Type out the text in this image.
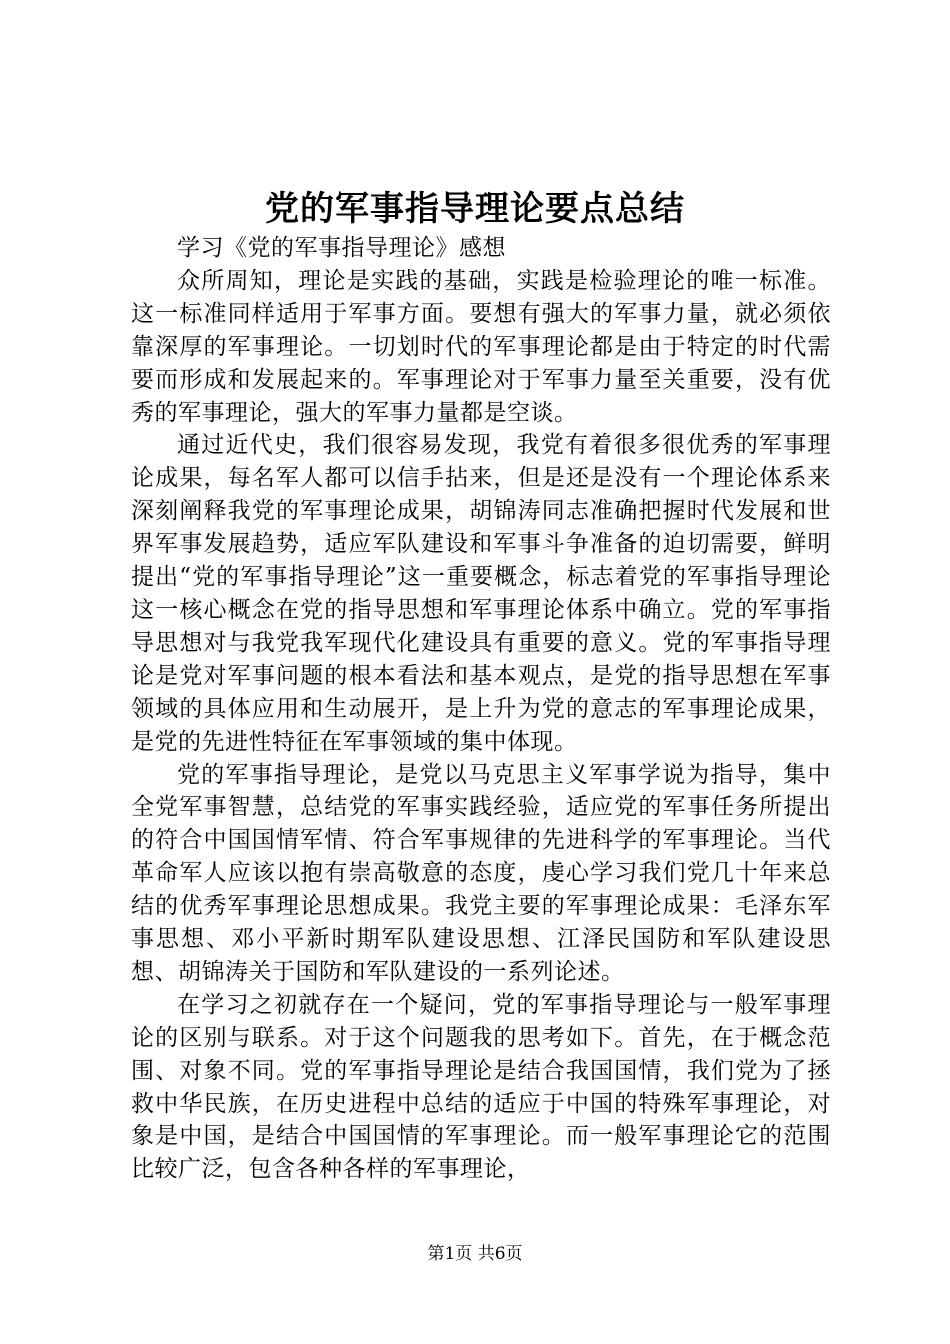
党的军事指导理论要点总结

学习《党的军事指导理论》感想

众所周知，理论是实践的基础，实践是检验理论的唯一标准。这一标准同样适用于军事方面。要想有强大的军事力量，就必须依靠深厚的军事理论。一切划时代的军事理论都是由于特定的时代需要而形成和发展起来的。军事理论对于军事力量至关重要，没有优秀的军事理论，强大的军事力量都是空谈。

通过近代史，我们很容易发现，我党有着很多很优秀的军事理论成果，每名军人都可以信手拈来，但是还是没有一个理论体系来深刻阐释我党的军事理论成果，胡锦涛同志准确把握时代发展和世界军事发展趋势，适应军队建设和军事斗争准备的迫切需要，鲜明提出“党的军事指导理论”这一重要概念，标志着党的军事指导理论这一核心概念在党的指导思想和军事理论体系中确立。党的军事指导思想对与我党我军现代化建设具有重要的意义。党的军事指导理论是党对军事问题的根本看法和基本观点，是党的指导思想在军事领域的具体应用和生动展开，是上升为党的意志的军事理论成果，是党的先进性特征在军事领域的集中体现。

党的军事指导理论，是党以马克思主义军事学说为指导，集中全党军事智慧，总结党的军事实践经验，适应党的军事任务所提出的符合中国国情军情、符合军事规律的先进科学的军事理论。当代革命军人应该以抱有崇高敬意的态度，虔心学习我们党几十年来总结的优秀军事理论思想成果。我党主要的军事理论成果：毛泽东军事思想、邓小平新时期军队建设思想、江泽民国防和军队建设思想、胡锦涛关于国防和军队建设的一系列论述。

在学习之初就存在一个疑问，党的军事指导理论与一般军事理论的区别与联系。对于这个问题我的思考如下。首先，在于概念范围、对象不同。党的军事指导理论是结合我国国情，我们党为了拯救中华民族，在历史进程中总结的适应于中国的特殊军事理论，对象是中国，是结合中国国情的军事理论。而一般军事理论它的范围比较广泛，包含各种各样的军事理论，

第1页 共6页
